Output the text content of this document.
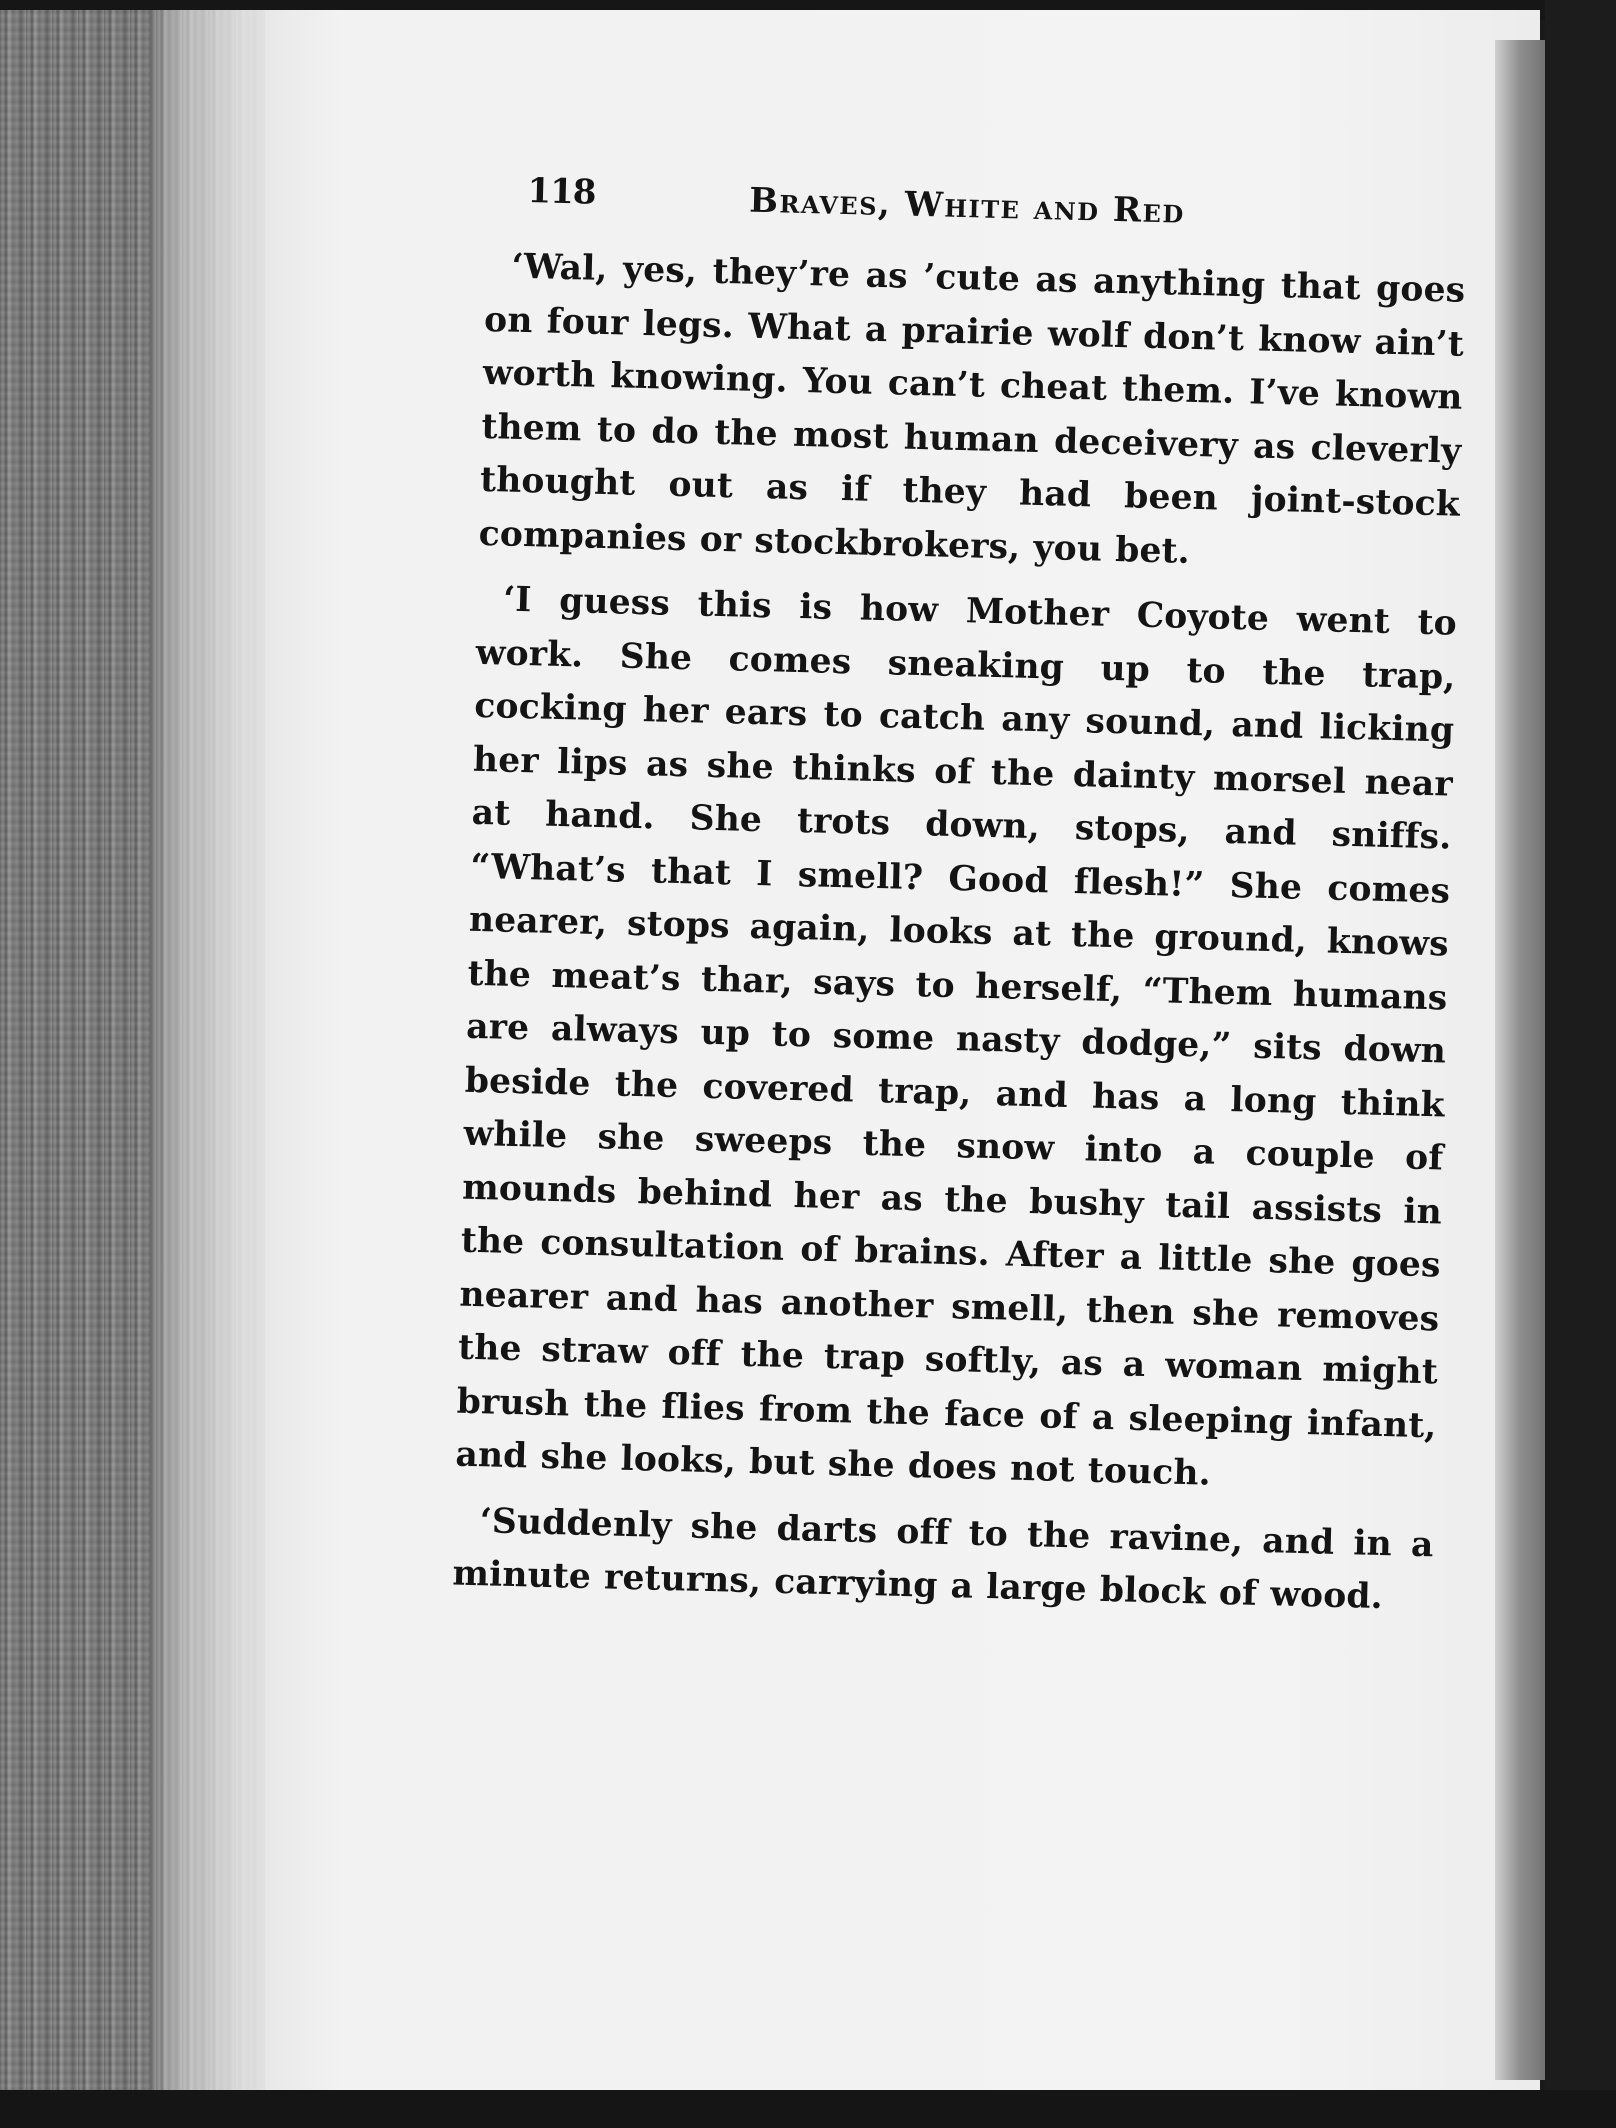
118	Braves, White and Red

‘Wal, yes, they’re as ’cute as anything that goes on four legs. What a prairie wolf don’t know ain’t worth knowing. You can’t cheat them. I’ve known them to do the most human deceivery as cleverly thought out as if they had been joint-stock companies or stockbrokers, you bet.

‘I guess this is how Mother Coyote went to work. She comes sneaking up to the trap, cocking her ears to catch any sound, and licking her lips as she thinks of the dainty morsel near at hand. She trots down, stops, and sniffs. “What’s that I smell? Good flesh!” She comes nearer, stops again, looks at the ground, knows the meat’s thar, says to herself, “Them humans are always up to some nasty dodge,” sits down beside the covered trap, and has a long think while she sweeps the snow into a couple of mounds behind her as the bushy tail assists in the consultation of brains. After a little she goes nearer and has another smell, then she removes the straw off the trap softly, as a woman might brush the flies from the face of a sleeping infant, and she looks, but she does not touch.

‘Suddenly she darts off to the ravine, and in a minute returns, carrying a large block of wood.
